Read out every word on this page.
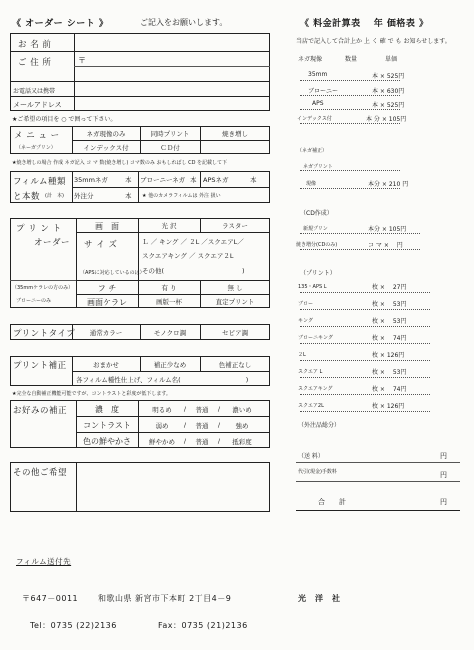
《 オーダー シート 》	ご記入をお願いします。	《 料金計算表 　年 価格表 》
当店で記入して合計上か 上 く 確 で も お知らせします。
お 名 前
ご 住 所	〒
お電話又は携帯
メールアドレス
★ご希望の項目を ○ で囲って下さい。
メ ニ ュ ー
（ネーガプリン）
ネガ現像のみ	同時プリント	焼き増し
インデックス付	ＣＤ付
★焼き増しの場合 作成 ネガ記入 コ マ 数(焼き増し) コマ数のみ おもしればし CD を記載して下
フィルム種類
と本数 (計　本)
35mmネガ	本 ブローニーネガ 本 APSネガ	本
外注分	本 ★ 他のカメラフィルムは 外注 扱い
プ リ ン ト
オーダー
（35mmケラレの方のみ）
ブローニーのみ
画　面	光 沢	ラスター
サ イ ズ
（APSに対応しているのは）
Ｌ ／ キング ／ ２L ／スクエアL／
スクエアキング ／ スクエア２L
その他(　　　　　　　　　　　　)
フ チ	有 り	無 し
画面ケラレ	画版一杯	直定プリント
プリントタイプ	通常カラー	モノクロ調	セピア調
プリント補正	おまかせ	補正少なめ	色補正なし
各フィルム種性仕上げ、フィルム名(　　　　　　　　　　)
★完全な自動補正機能可能ですが、コントラストと彩度が低下します。
お好みの補正	濃　度	明るめ	/	普通	/	濃いめ
コントラスト	弱め	/	普通	/	強め
色の鮮やかさ	鮮やかめ	/	普通	/	抵彩度
その他ご希望
ネガ現像	数量	単価
35mm	本 × 525円
ブローニー	本 × 630円
APS	本 × 525円
インデックス付	本 分 × 105円
（ネガ補正）
ネガプリント
現像	本分 × 210 円
（CD作成）
新規プリン	本分 × 105円
焼き増分(CDのみ)	コ マ × 　円
（プリント）
135・APS L	枚 × 　27円
ブロー	枚 × 　53円
キング	枚 × 　53円
ブローニキング	枚 × 　74円
２L	枚 × 126円
スクエア L	枚 × 　53円
スクエアキング	枚 × 　74円
スクエア2L	枚 × 126円
（外注品総分）
（送 料）	円
代引(現金)手数料	円
合　　計	円
フィルム送付先
〒647－0011 和歌山県 新宮市下本町 2丁目4－9	光　洋　社
Tel：0735 (22)2136	Fax：0735 (21)2136
